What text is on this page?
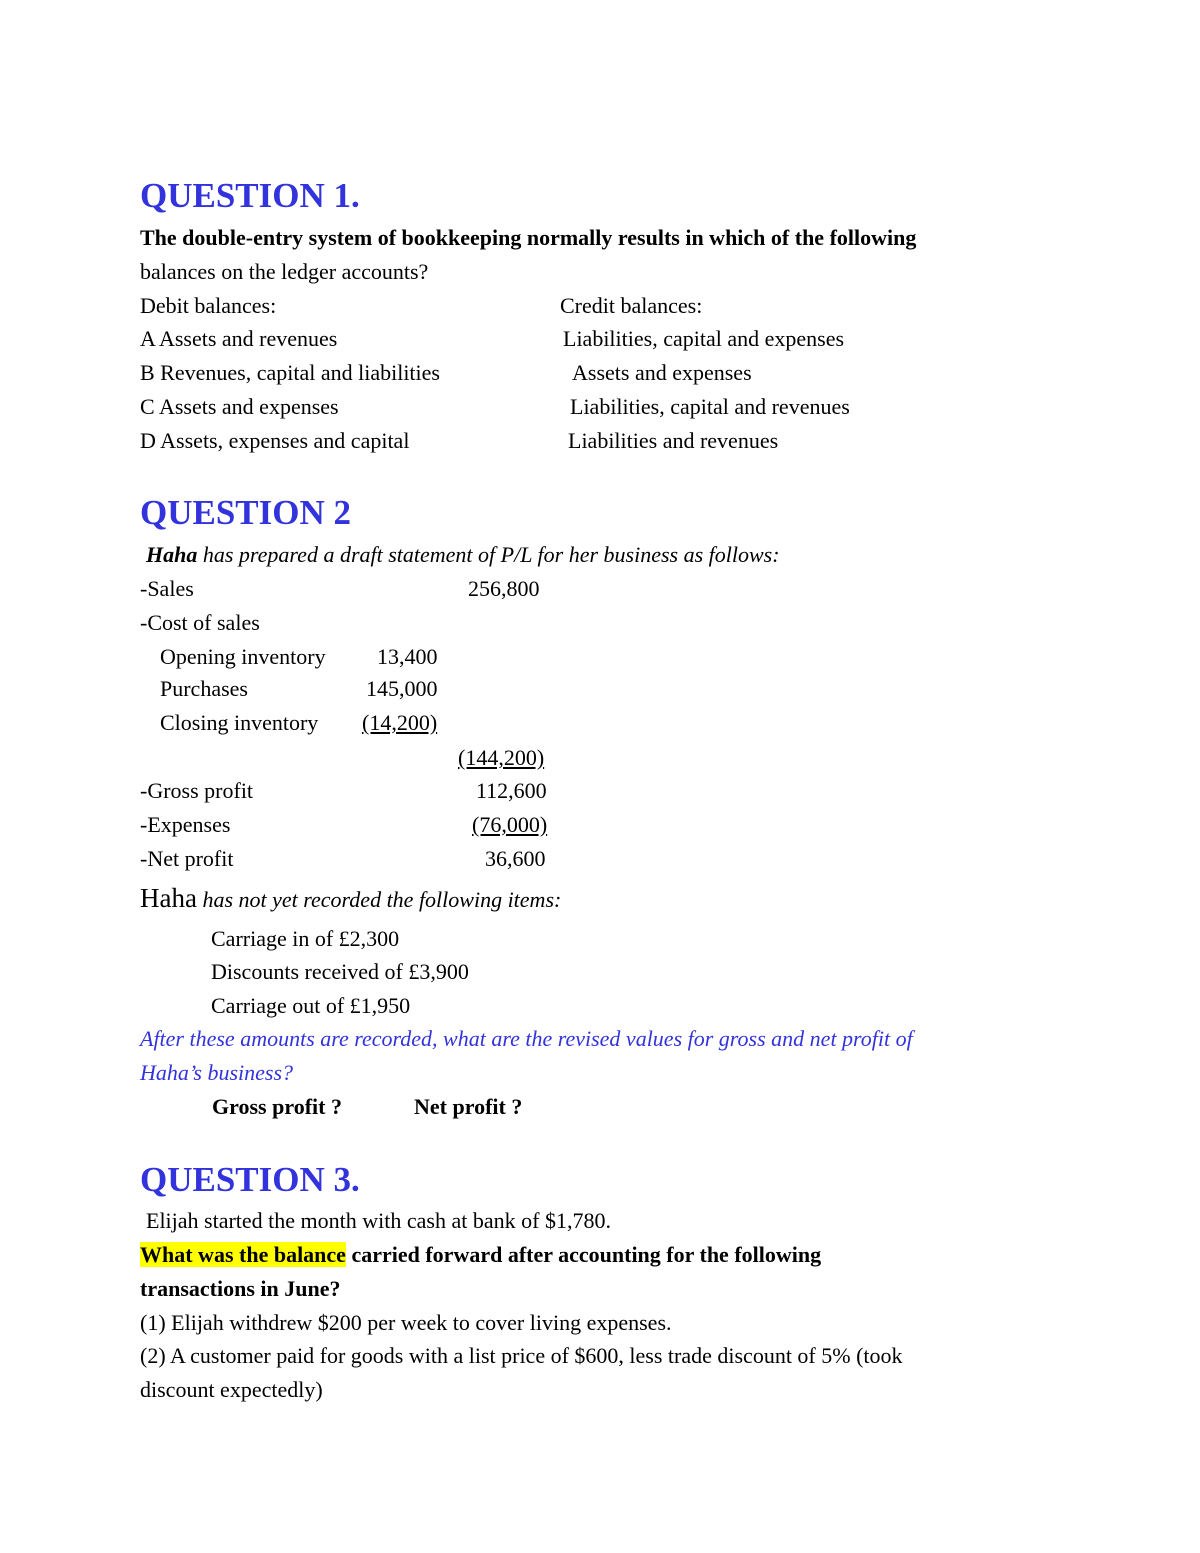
QUESTION 1.
The double-entry system of bookkeeping normally results in which of the following
balances on the ledger accounts?
Debit balances:	Credit balances:
A Assets and revenues	Liabilities, capital and expenses
B Revenues, capital and liabilities	Assets and expenses
C Assets and expenses	Liabilities, capital and revenues
D Assets, expenses and capital	Liabilities and revenues
QUESTION 2
Haha has prepared a draft statement of P/L for her business as follows:
-Sales	256,800
-Cost of sales
Opening inventory 13,400
Purchases	145,000
Closing inventory (14,200)
(144,200)
-Gross profit	112,600
-Expenses	(76,000)
-Net profit	36,600
Haha has not yet recorded the following items:
Carriage in of £2,300
Discounts received of £3,900
Carriage out of £1,950
After these amounts are recorded, what are the revised values for gross and net profit of
Haha’s business?
Gross profit ?	Net profit ?
QUESTION 3.
Elijah started the month with cash at bank of $1,780.
What was the balance carried forward after accounting for the following
transactions in June?
(1) Elijah withdrew $200 per week to cover living expenses.
(2) A customer paid for goods with a list price of $600, less trade discount of 5% (took
discount expectedly)
